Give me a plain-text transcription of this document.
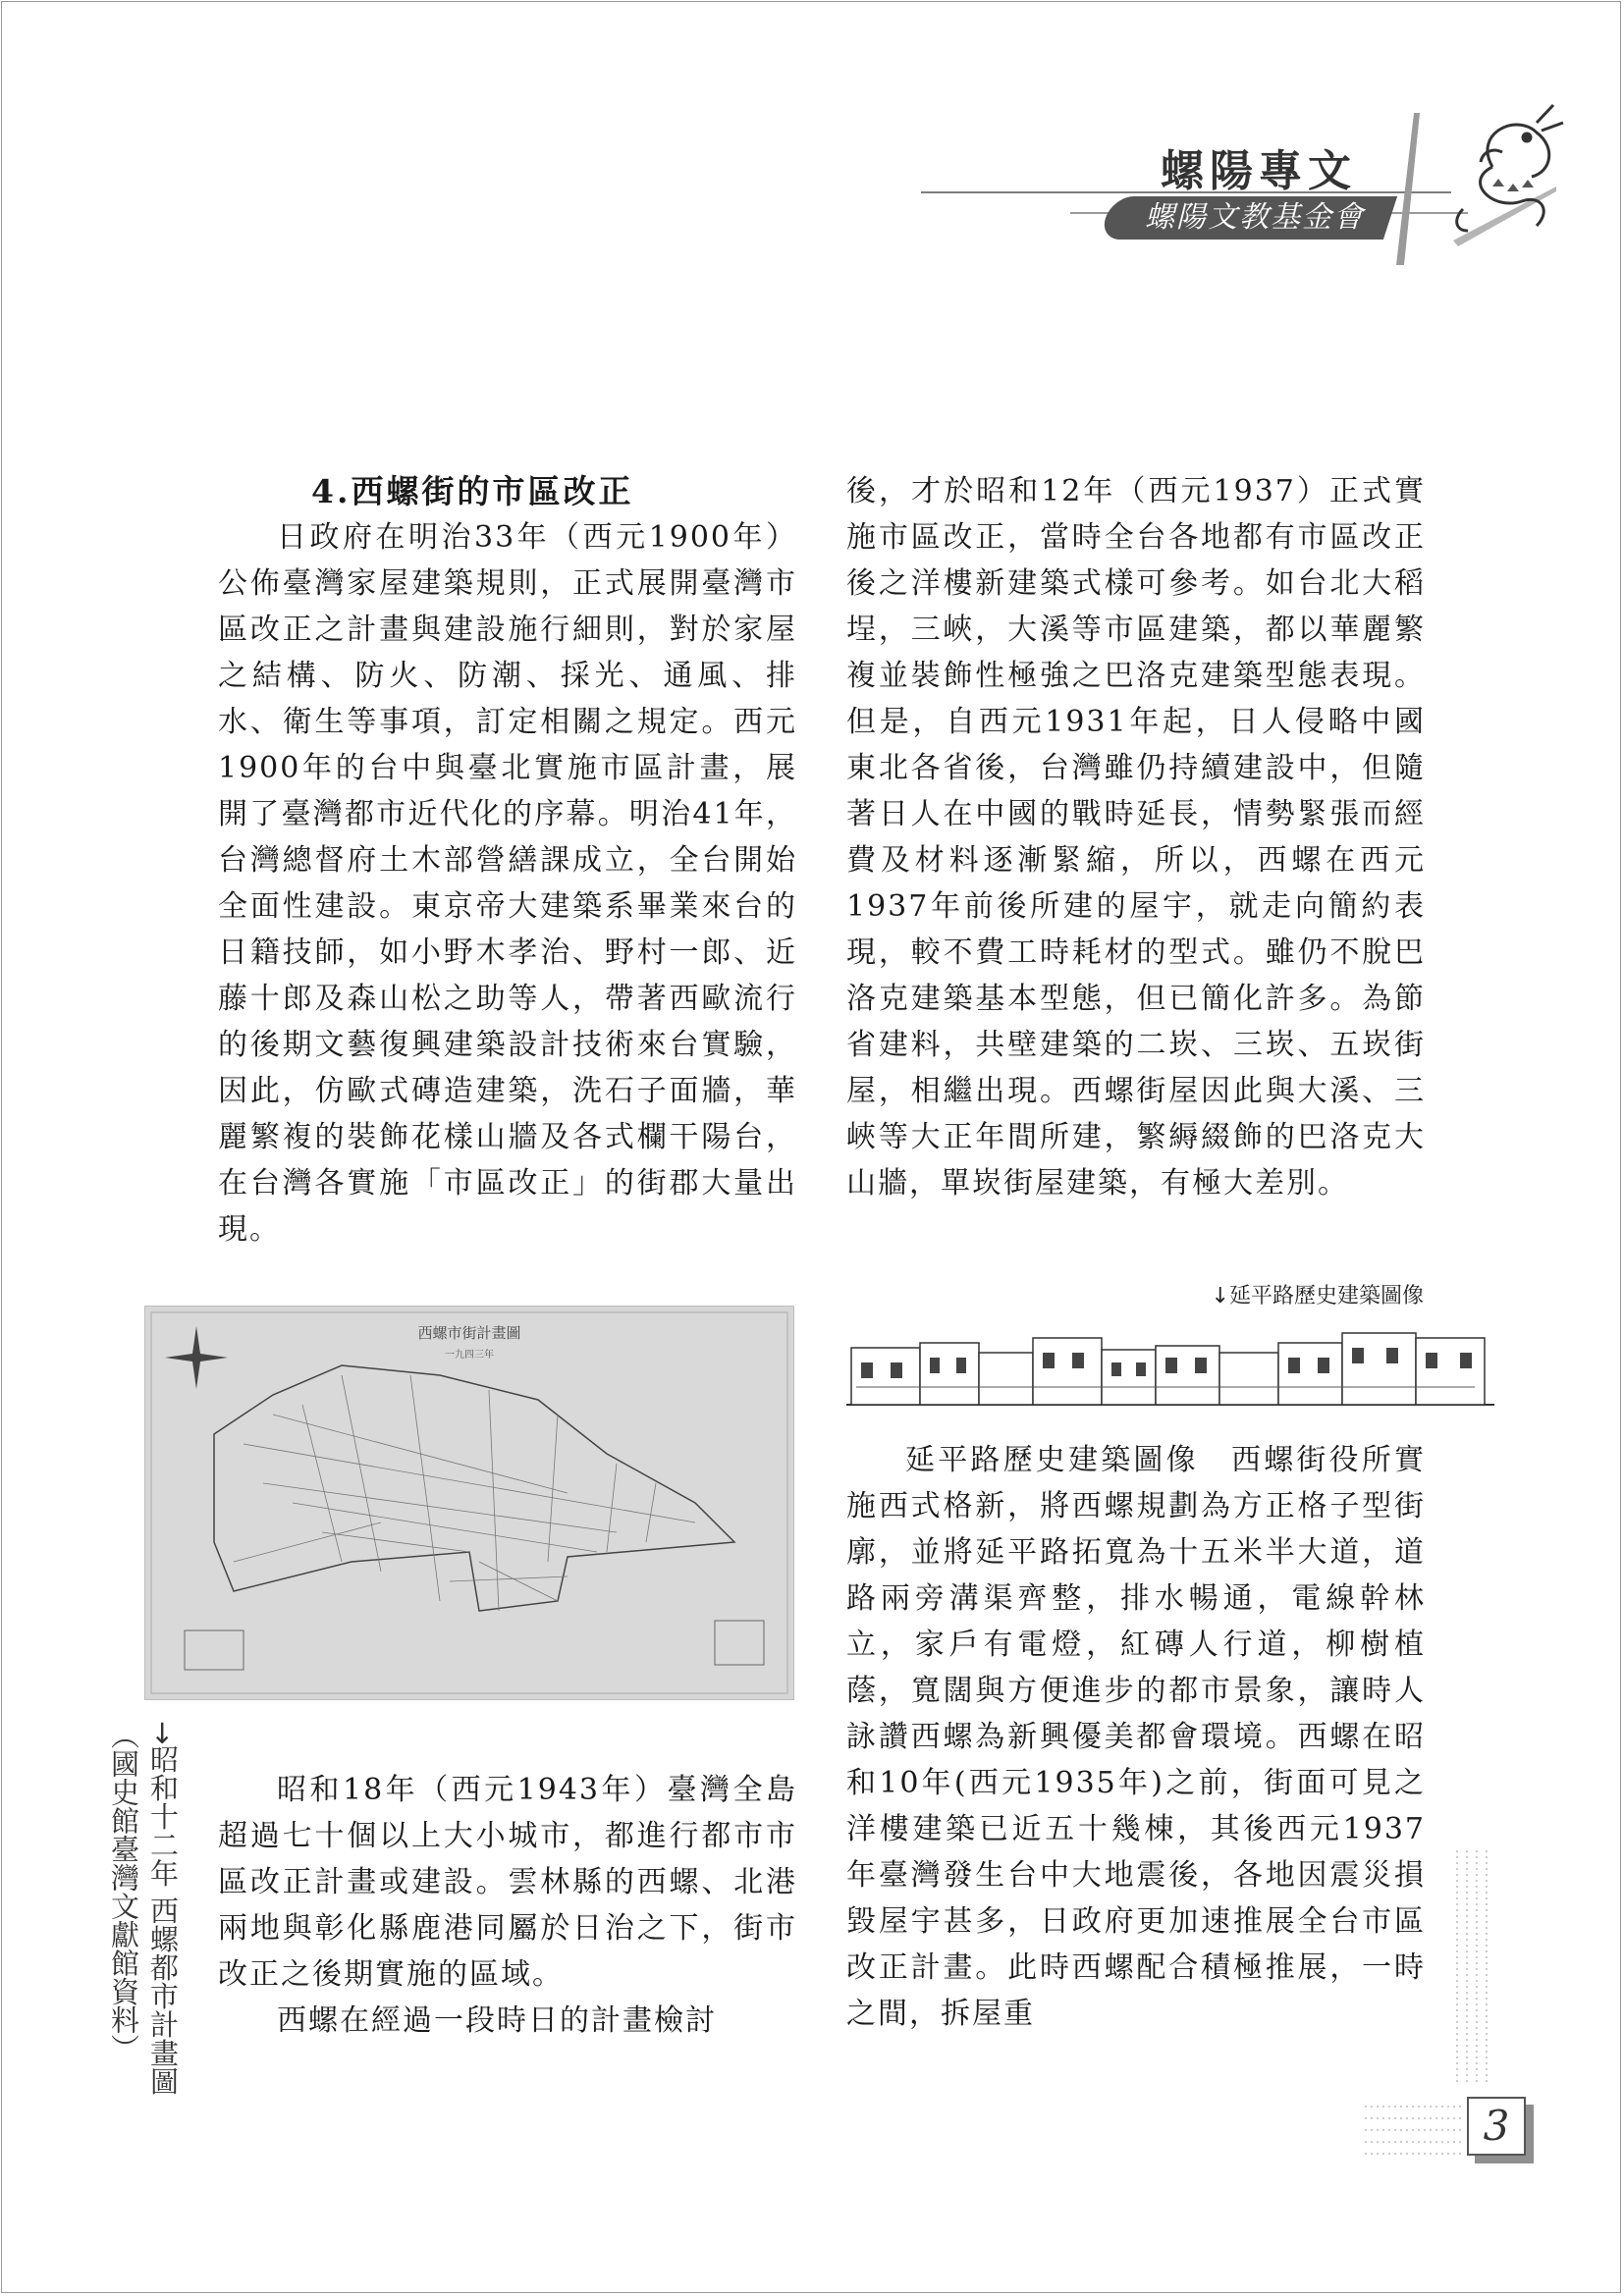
螺陽專文
螺陽文教基金會

4.西螺街的市區改正

日政府在明治33年（西元1900年）公佈臺灣家屋建築規則，正式展開臺灣市區改正之計畫與建設施行細則，對於家屋之結構、防火、防潮、採光、通風、排水、衛生等事項，訂定相關之規定。西元1900年的台中與臺北實施市區計畫，展開了臺灣都市近代化的序幕。明治41年，台灣總督府土木部營繕課成立，全台開始全面性建設。東京帝大建築系畢業來台的日籍技師，如小野木孝治、野村一郎、近藤十郎及森山松之助等人，帶著西歐流行的後期文藝復興建築設計技術來台實驗，因此，仿歐式磚造建築，洗石子面牆，華麗繁複的裝飾花樣山牆及各式欄干陽台，在台灣各實施「市區改正」的街郡大量出現。

西螺市街計畫圖
一九四三年
→昭和十二年 西螺都市計畫圖
（國史館臺灣文獻館資料）	昭和18年（西元1943年）臺灣全島超過七十個以上大小城市，都進行都市市區改正計畫或建設。雲林縣的西螺、北港兩地與彰化縣鹿港同屬於日治之下，街市改正之後期實施的區域。

西螺在經過一段時日的計畫檢討

後，才於昭和12年（西元1937）正式實施市區改正，當時全台各地都有市區改正後之洋樓新建築式樣可參考。如台北大稻埕，三峽，大溪等市區建築，都以華麗繁複並裝飾性極強之巴洛克建築型態表現。但是，自西元1931年起，日人侵略中國東北各省後，台灣雖仍持續建設中，但隨著日人在中國的戰時延長，情勢緊張而經費及材料逐漸緊縮，所以，西螺在西元1937年前後所建的屋宇，就走向簡約表現，較不費工時耗材的型式。雖仍不脫巴洛克建築基本型態，但已簡化許多。為節省建料，共壁建築的二崁、三崁、五崁街屋，相繼出現。西螺街屋因此與大溪、三峽等大正年間所建，繁縟綴飾的巴洛克大山牆，單崁街屋建築，有極大差別。

↓延平路歷史建築圖像

延平路歷史建築圖像　西螺街役所實施西式格新，將西螺規劃為方正格子型街廓，並將延平路拓寬為十五米半大道，道路兩旁溝渠齊整，排水暢通，電線幹林立，家戶有電燈，紅磚人行道，柳樹植蔭，寬闊與方便進步的都市景象，讓時人詠讚西螺為新興優美都會環境。西螺在昭和10年(西元1935年)之前，街面可見之洋樓建築已近五十幾棟，其後西元1937年臺灣發生台中大地震後，各地因震災損毀屋宇甚多，日政府更加速推展全台市區改正計畫。此時西螺配合積極推展，一時之間，拆屋重

3
